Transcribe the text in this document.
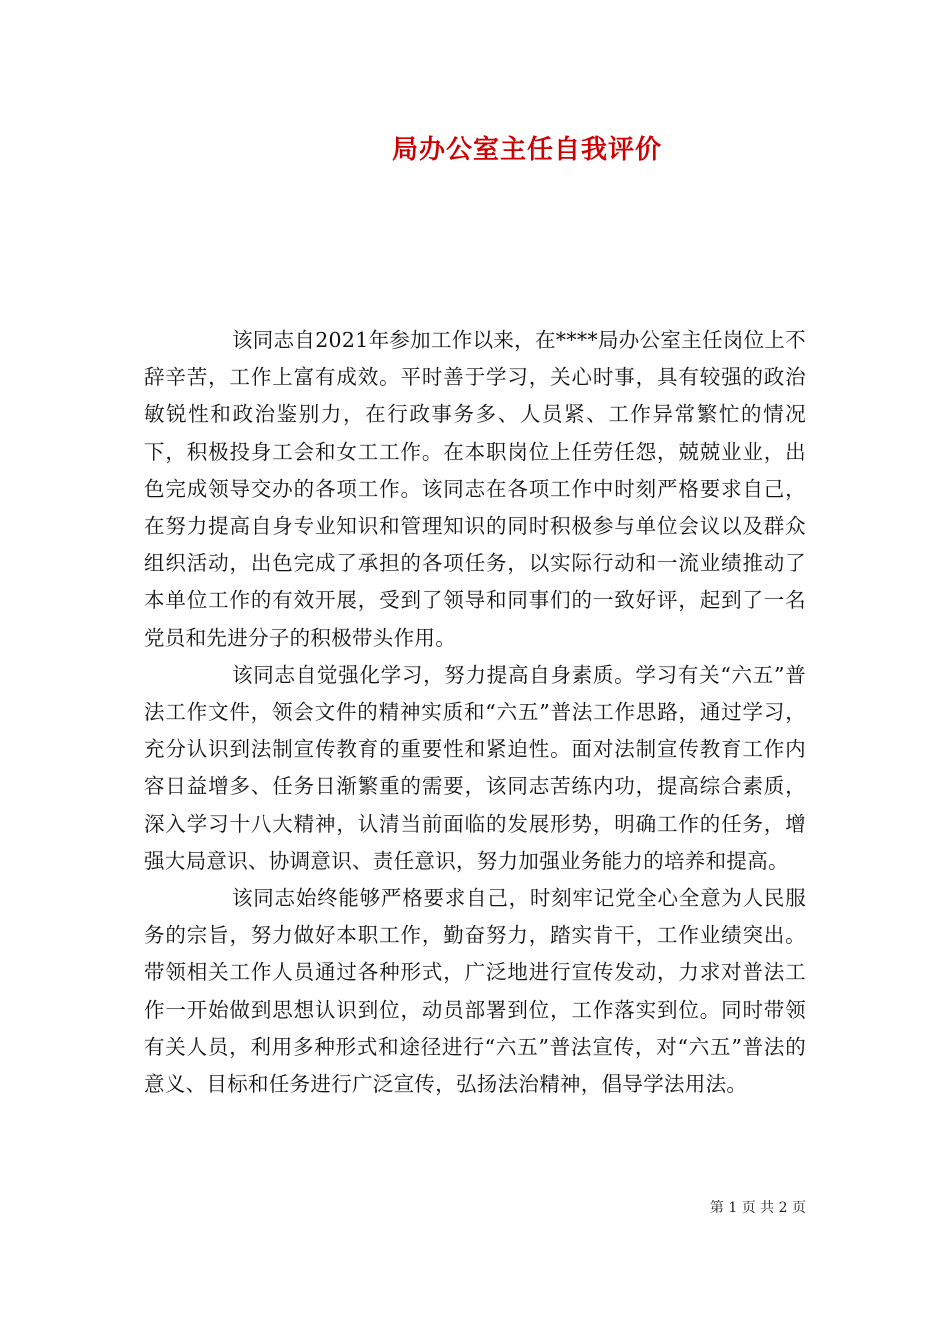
局办公室主任自我评价

该同志自2021年参加工作以来，在****局办公室主任岗位上不辞辛苦，工作上富有成效。平时善于学习，关心时事，具有较强的政治敏锐性和政治鉴别力，在行政事务多、人员紧、工作异常繁忙的情况下，积极投身工会和女工工作。在本职岗位上任劳任怨，兢兢业业，出色完成领导交办的各项工作。该同志在各项工作中时刻严格要求自己，在努力提高自身专业知识和管理知识的同时积极参与单位会议以及群众组织活动，出色完成了承担的各项任务，以实际行动和一流业绩推动了本单位工作的有效开展，受到了领导和同事们的一致好评，起到了一名党员和先进分子的积极带头作用。

该同志自觉强化学习，努力提高自身素质。学习有关“六五”普法工作文件，领会文件的精神实质和“六五”普法工作思路，通过学习，充分认识到法制宣传教育的重要性和紧迫性。面对法制宣传教育工作内容日益增多、任务日渐繁重的需要，该同志苦练内功，提高综合素质，深入学习十八大精神，认清当前面临的发展形势，明确工作的任务，增强大局意识、协调意识、责任意识，努力加强业务能力的培养和提高。

该同志始终能够严格要求自己，时刻牢记党全心全意为人民服务的宗旨，努力做好本职工作，勤奋努力，踏实肯干，工作业绩突出。带领相关工作人员通过各种形式，广泛地进行宣传发动，力求对普法工作一开始做到思想认识到位，动员部署到位，工作落实到位。同时带领有关人员，利用多种形式和途径进行“六五”普法宣传，对“六五”普法的意义、目标和任务进行广泛宣传，弘扬法治精神，倡导学法用法。

第 1 页 共 2 页
